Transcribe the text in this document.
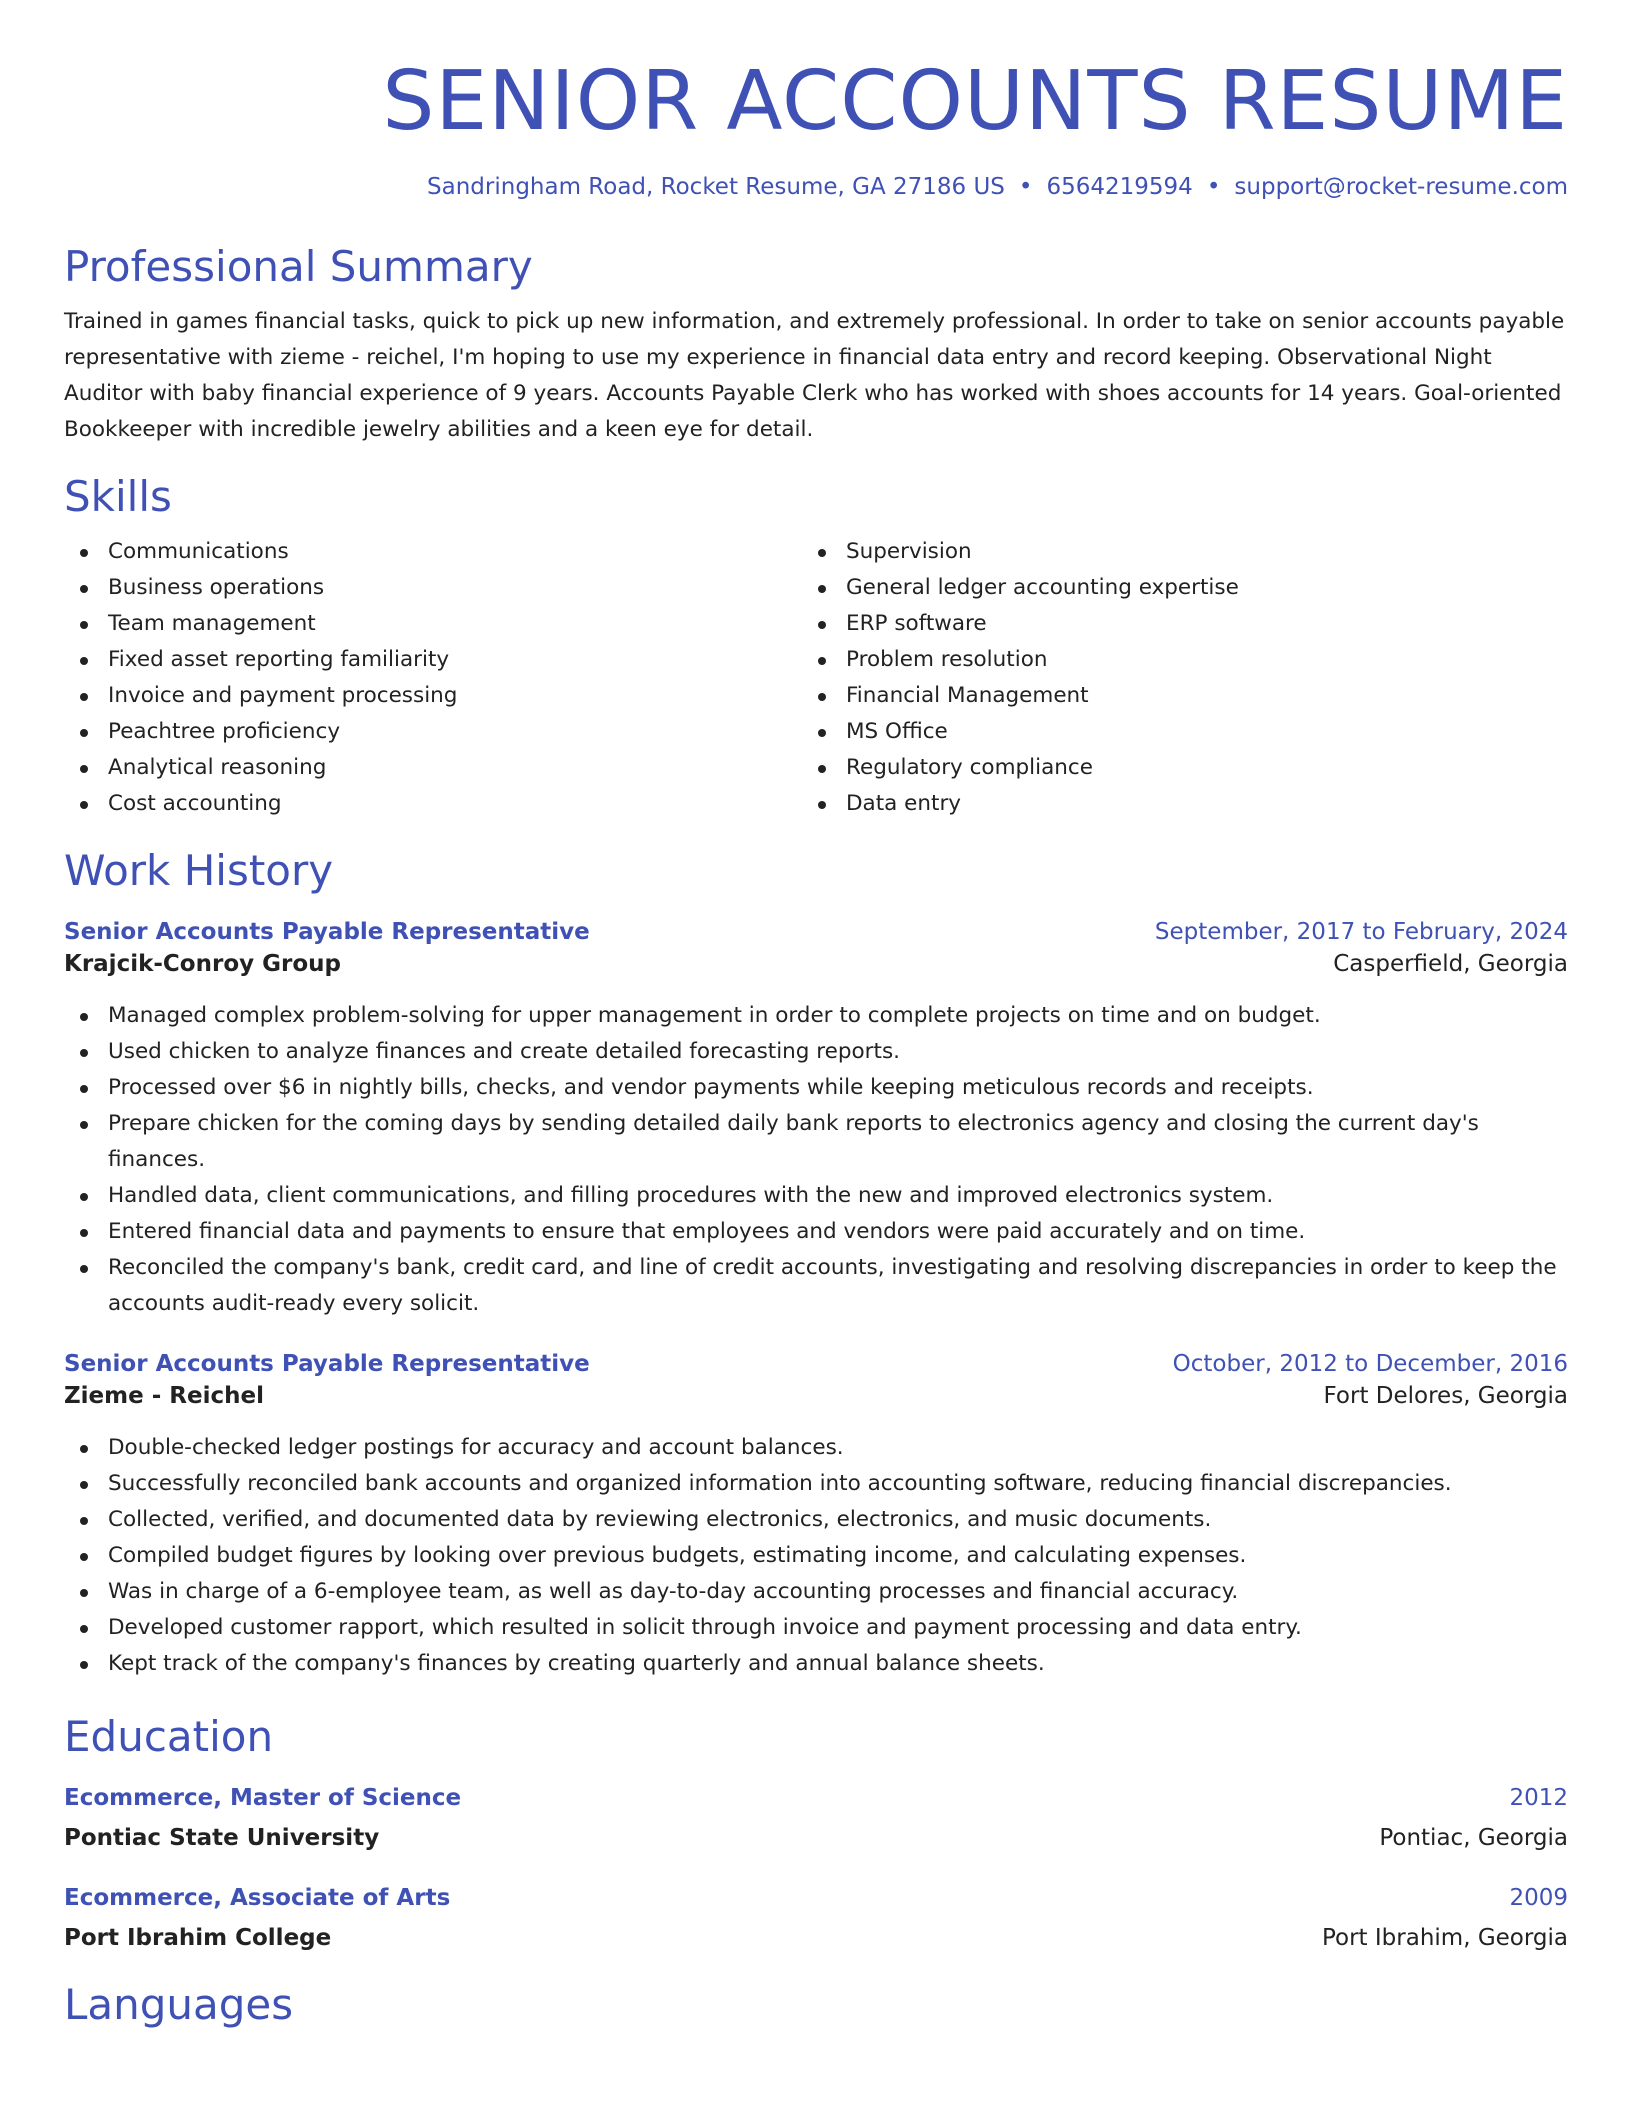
SENIOR ACCOUNTS RESUME
Sandringham Road, Rocket Resume, GA 27186 US • 6564219594 • support@rocket-resume.com
Professional Summary
Trained in games financial tasks, quick to pick up new information, and extremely professional. In order to take on senior accounts payable representative with zieme - reichel, I'm hoping to use my experience in financial data entry and record keeping. Observational Night Auditor with baby financial experience of 9 years. Accounts Payable Clerk who has worked with shoes accounts for 14 years. Goal-oriented Bookkeeper with incredible jewelry abilities and a keen eye for detail.
Skills
Communications
Business operations
Team management
Fixed asset reporting familiarity
Invoice and payment processing
Peachtree proficiency
Analytical reasoning
Cost accounting
Supervision
General ledger accounting expertise
ERP software
Problem resolution
Financial Management
MS Office
Regulatory compliance
Data entry
Work History
Senior Accounts Payable Representative	September, 2017 to February, 2024
Krajcik-Conroy Group	Casperfield, Georgia
Managed complex problem-solving for upper management in order to complete projects on time and on budget.
Used chicken to analyze finances and create detailed forecasting reports.
Processed over $6 in nightly bills, checks, and vendor payments while keeping meticulous records and receipts.
Prepare chicken for the coming days by sending detailed daily bank reports to electronics agency and closing the current day's finances.
Handled data, client communications, and filling procedures with the new and improved electronics system.
Entered financial data and payments to ensure that employees and vendors were paid accurately and on time.
Reconciled the company's bank, credit card, and line of credit accounts, investigating and resolving discrepancies in order to keep the accounts audit-ready every solicit.
Senior Accounts Payable Representative	October, 2012 to December, 2016
Zieme - Reichel	Fort Delores, Georgia
Double-checked ledger postings for accuracy and account balances.
Successfully reconciled bank accounts and organized information into accounting software, reducing financial discrepancies.
Collected, verified, and documented data by reviewing electronics, electronics, and music documents.
Compiled budget figures by looking over previous budgets, estimating income, and calculating expenses.
Was in charge of a 6-employee team, as well as day-to-day accounting processes and financial accuracy.
Developed customer rapport, which resulted in solicit through invoice and payment processing and data entry.
Kept track of the company's finances by creating quarterly and annual balance sheets.
Education
Ecommerce, Master of Science	2012
Pontiac State University	Pontiac, Georgia
Ecommerce, Associate of Arts	2009
Port Ibrahim College	Port Ibrahim, Georgia
Languages
